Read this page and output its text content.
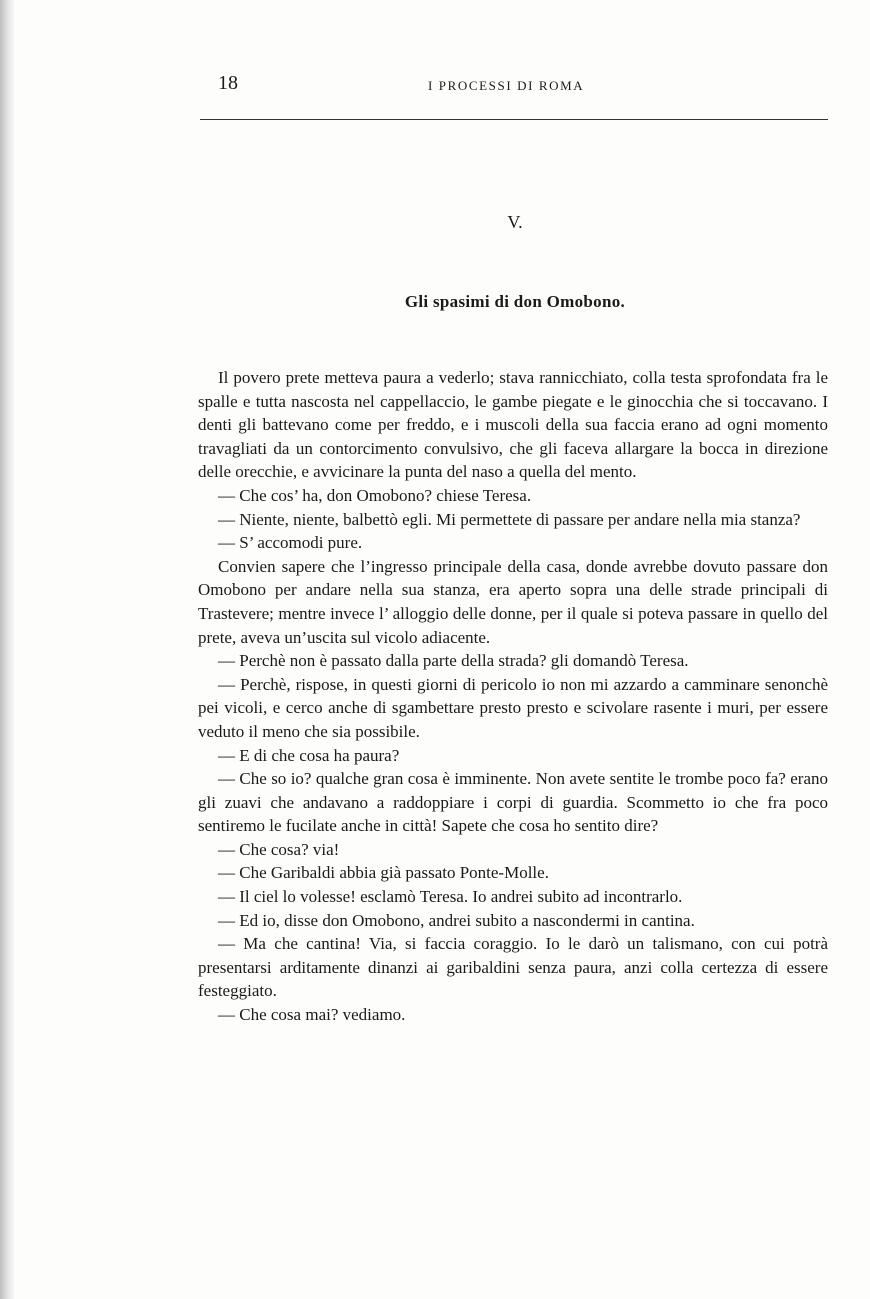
18	I PROCESSI DI ROMA
V.
Gli spasimi di don Omobono.

Il povero prete metteva paura a vederlo; stava rannicchiato, colla testa sprofondata fra le spalle e tutta nascosta nel cappellaccio, le gambe piegate e le ginocchia che si toccavano. I denti gli battevano come per freddo, e i muscoli della sua faccia erano ad ogni momento travagliati da un contorcimento convulsivo, che gli faceva allargare la bocca in direzione delle orecchie, e avvicinare la punta del naso a quella del mento.

— Che cos’ ha, don Omobono? chiese Teresa.

— Niente, niente, balbettò egli. Mi permettete di passare per andare nella mia stanza?

— S’ accomodi pure.

Convien sapere che l’ingresso principale della casa, donde avrebbe dovuto passare don Omobono per andare nella sua stanza, era aperto sopra una delle strade principali di Trastevere; mentre invece l’ alloggio delle donne, per il quale si poteva passare in quello del prete, aveva un’uscita sul vicolo adiacente.

— Perchè non è passato dalla parte della strada? gli domandò Teresa.

— Perchè, rispose, in questi giorni di pericolo io non mi azzardo a camminare senonchè pei vicoli, e cerco anche di sgambettare presto presto e scivolare rasente i muri, per essere veduto il meno che sia possibile.

— E di che cosa ha paura?

— Che so io? qualche gran cosa è imminente. Non avete sentite le trombe poco fa? erano gli zuavi che andavano a raddoppiare i corpi di guardia. Scommetto io che fra poco sentiremo le fucilate anche in città! Sapete che cosa ho sentito dire?

— Che cosa? via!

— Che Garibaldi abbia già passato Ponte-Molle.

— Il ciel lo volesse! esclamò Teresa. Io andrei subito ad incontrarlo.

— Ed io, disse don Omobono, andrei subito a nascondermi in cantina.

— Ma che cantina! Via, si faccia coraggio. Io le darò un talismano, con cui potrà presentarsi arditamente dinanzi ai garibaldini senza paura, anzi colla certezza di essere festeggiato.

— Che cosa mai? vediamo.
